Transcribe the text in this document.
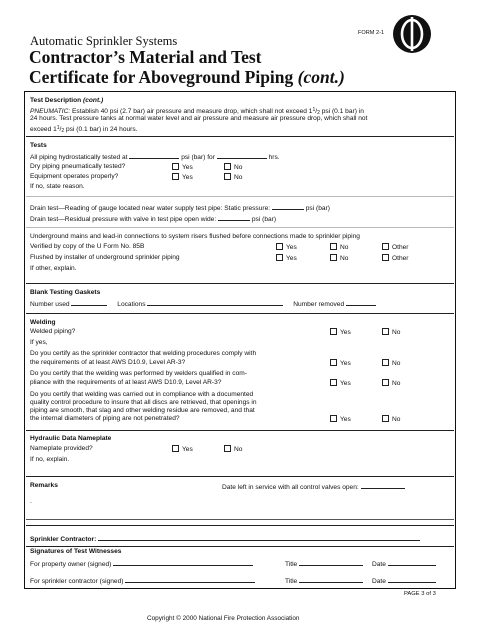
FORM 2-1
Automatic Sprinkler Systems
Contractor’s Material and Test
Certificate for Aboveground Piping (cont.)
Test Description (cont.)
PNEUMATIC: Establish 40 psi (2.7 bar) air pressure and measure drop, which shall not exceed $1^1/_2$ psi (0.1 bar) in
24 hours. Test pressure tanks at normal water level and air pressure and measure air pressure drop, which shall not
exceed $1^1/_2$ psi (0.1 bar) in 24 hours.
Tests
All piping hydrostatically tested at	psi (bar) for	hrs.
Dry piping pneumatically tested?	Yes	No
Equipment operates properly?	Yes	No
If no, state reason.
Drain test—Reading of gauge located near water supply test pipe: Static pressure:	psi (bar)
Drain test—Residual pressure with valve in test pipe open wide:	psi (bar)
Underground mains and lead-in connections to system risers flushed before connections made to sprinkler piping
Verified by copy of the U Form No. 85B	Yes	No	Other
Flushed by installer of underground sprinkler piping	Yes	No	Other
If other, explain.
Blank Testing Gaskets
Number used	Locations	Number removed
Welding
Welded piping?	Yes	No
If yes,
Do you certify as the sprinkler contractor that welding procedures comply with
the requirements of at least AWS D10.9, Level AR-3?	Yes	No
Do you certify that the welding was performed by welders qualified in com-
pliance with the requirements of at least AWS D10.9, Level AR-3?	Yes	No
Do you certify that welding was carried out in compliance with a documented
quality control procedure to insure that all discs are retrieved, that openings in
piping are smooth, that slag and other welding residue are removed, and that
the internal diameters of piping are not penetrated?	Yes	No
Hydraulic Data Nameplate
Nameplate provided?	Yes	No
If no, explain.
Remarks	Date left in service with all control valves open:
.
Sprinkler Contractor:
Signatures of Test Witnesses
For property owner (signed)	Title	Date
For sprinkler contractor (signed)	Title	Date
PAGE 3 of 3
Copyright © 2000 National Fire Protection Association
